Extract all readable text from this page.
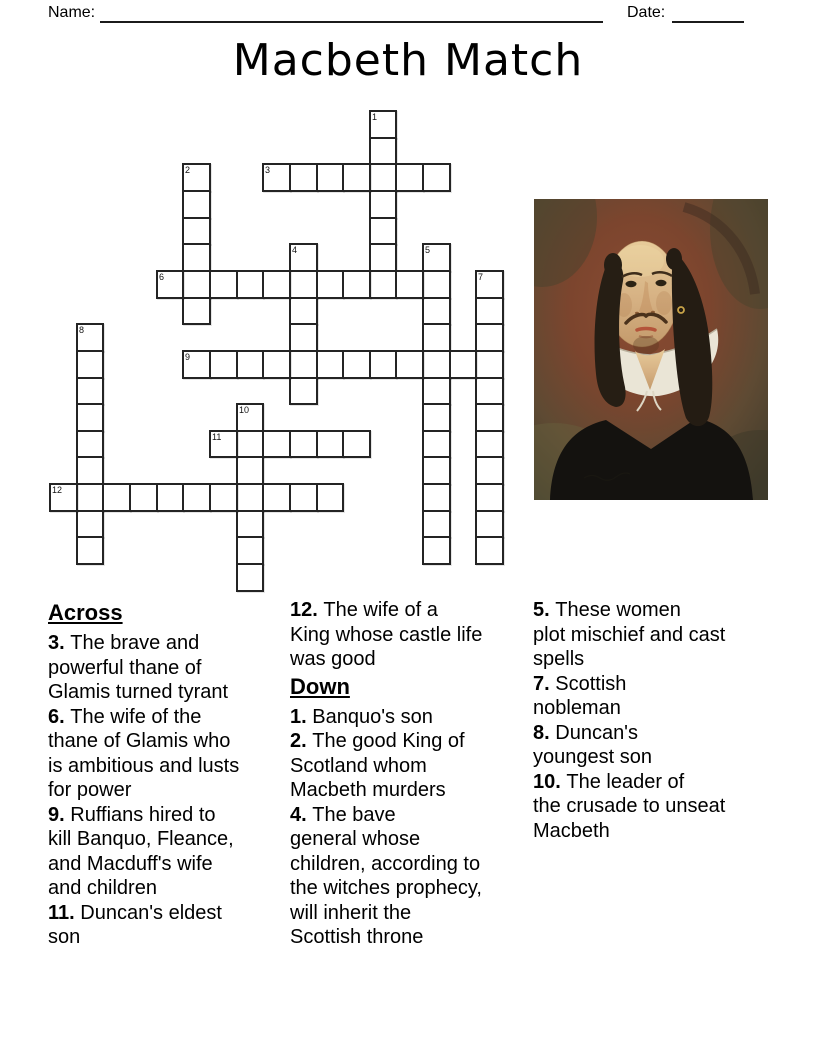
Name:	Date:
Macbeth Match
1
2	3
4	5
6	7
8
9
10
11
12
Across

3. The brave and
powerful thane of
Glamis turned tyrant

6. The wife of the
thane of Glamis who
is ambitious and lusts
for power

9. Ruffians hired to
kill Banquo, Fleance,
and Macduff's wife
and children

11. Duncan's eldest
son

12. The wife of a
King whose castle life
was good

Down

1. Banquo's son

2. The good King of
Scotland whom
Macbeth murders

4. The bave
general whose
children, according to
the witches prophecy,
will inherit the
Scottish throne

5. These women
plot mischief and cast
spells

7. Scottish
nobleman

8. Duncan's
youngest son

10. The leader of
the crusade to unseat
Macbeth
